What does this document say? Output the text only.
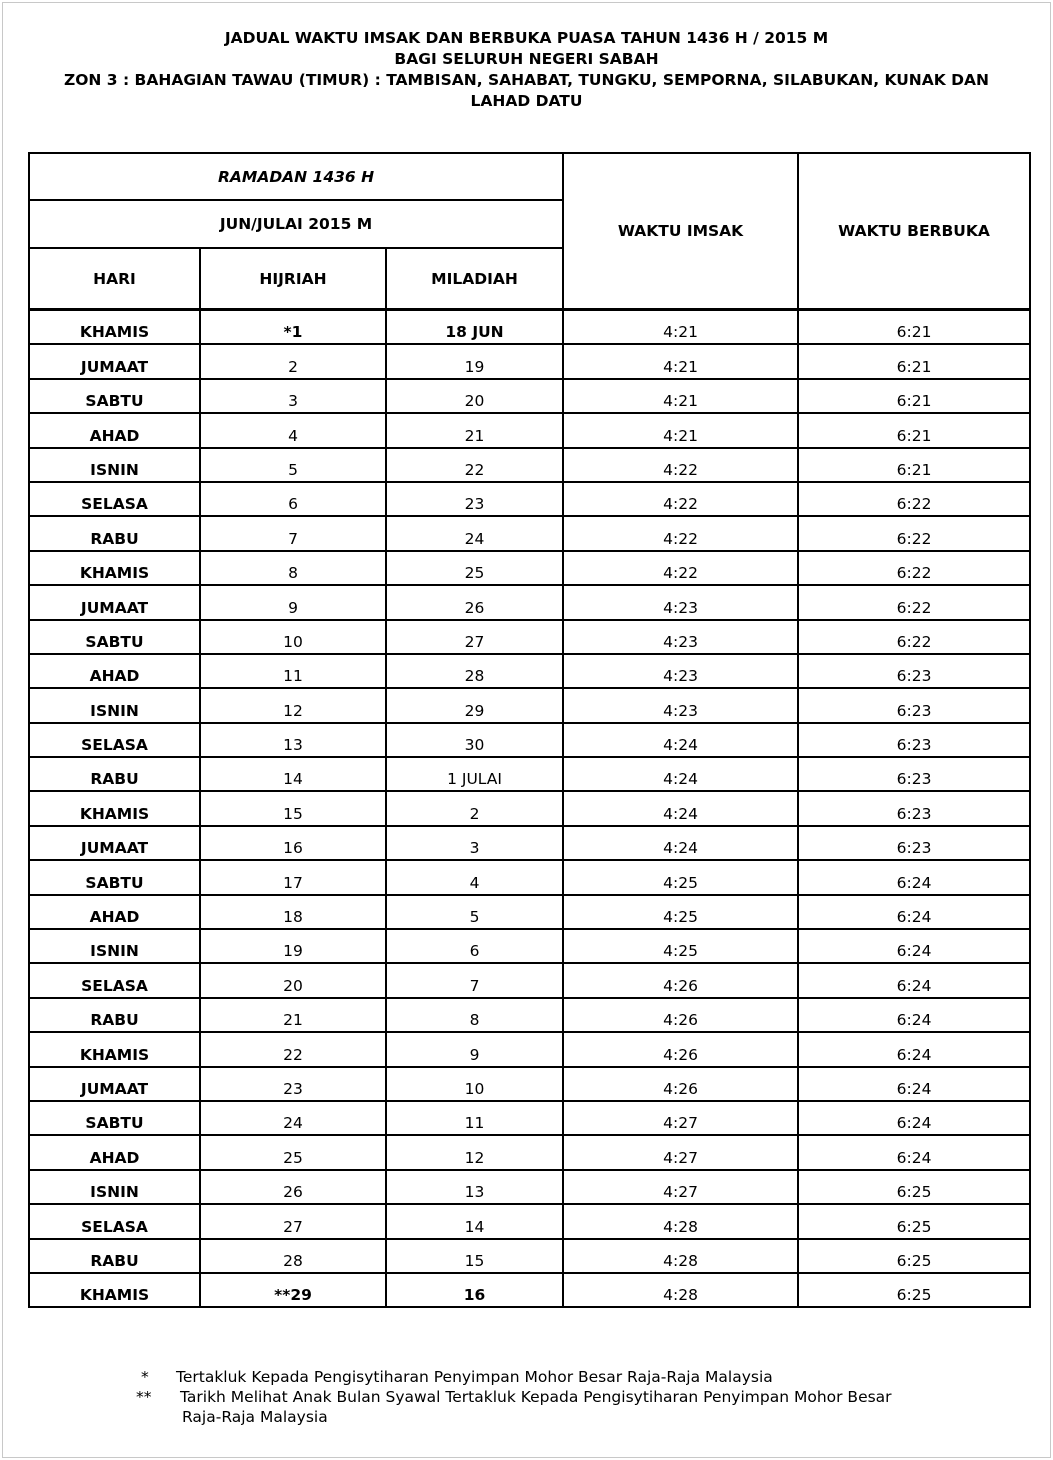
JADUAL WAKTU IMSAK DAN BERBUKA PUASA TAHUN 1436 H / 2015 M
BAGI SELURUH NEGERI SABAH
ZON 3 : BAHAGIAN TAWAU (TIMUR) : TAMBISAN, SAHABAT, TUNGKU, SEMPORNA, SILABUKAN, KUNAK DAN
LAHAD DATU
RAMADAN 1436 H			WAKTU IMSAK	WAKTU BERBUKA
JUN/JULAI 2015 M				
HARI	HIJRIAH	MILADIAH		
KHAMIS	*1	18 JUN	4:21	6:21
JUMAAT	2	19	4:21	6:21
SABTU	3	20	4:21	6:21
AHAD	4	21	4:21	6:21
ISNIN	5	22	4:22	6:21
SELASA	6	23	4:22	6:22
RABU	7	24	4:22	6:22
KHAMIS	8	25	4:22	6:22
JUMAAT	9	26	4:23	6:22
SABTU	10	27	4:23	6:22
AHAD	11	28	4:23	6:23
ISNIN	12	29	4:23	6:23
SELASA	13	30	4:24	6:23
RABU	14	1 JULAI	4:24	6:23
KHAMIS	15	2	4:24	6:23
JUMAAT	16	3	4:24	6:23
SABTU	17	4	4:25	6:24
AHAD	18	5	4:25	6:24
ISNIN	19	6	4:25	6:24
SELASA	20	7	4:26	6:24
RABU	21	8	4:26	6:24
KHAMIS	22	9	4:26	6:24
JUMAAT	23	10	4:26	6:24
SABTU	24	11	4:27	6:24
AHAD	25	12	4:27	6:24
ISNIN	26	13	4:27	6:25
SELASA	27	14	4:28	6:25
RABU	28	15	4:28	6:25
KHAMIS	**29	16	4:28	6:25
* Tertakluk Kepada Pengisytiharan Penyimpan Mohor Besar Raja-Raja Malaysia
** Tarikh Melihat Anak Bulan Syawal Tertakluk Kepada Pengisytiharan Penyimpan Mohor Besar
Raja-Raja Malaysia
